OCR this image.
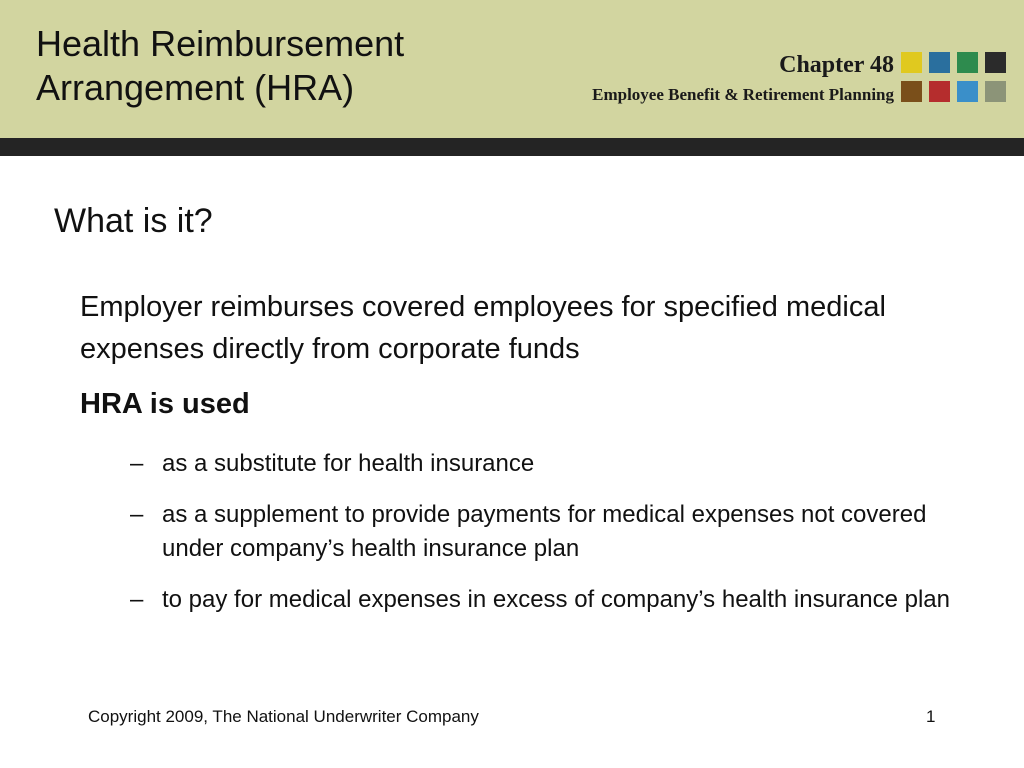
Health Reimbursement
Arrangement (HRA)
Chapter 48
Employee Benefit & Retirement Planning
What is it?
Employer reimburses covered employees for specified medical expenses directly from corporate funds
HRA is used
– as a substitute for health insurance
– as a supplement to provide payments for medical expenses not covered under company’s health insurance plan
– to pay for medical expenses in excess of company’s health insurance plan
Copyright 2009, The National Underwriter Company	1
